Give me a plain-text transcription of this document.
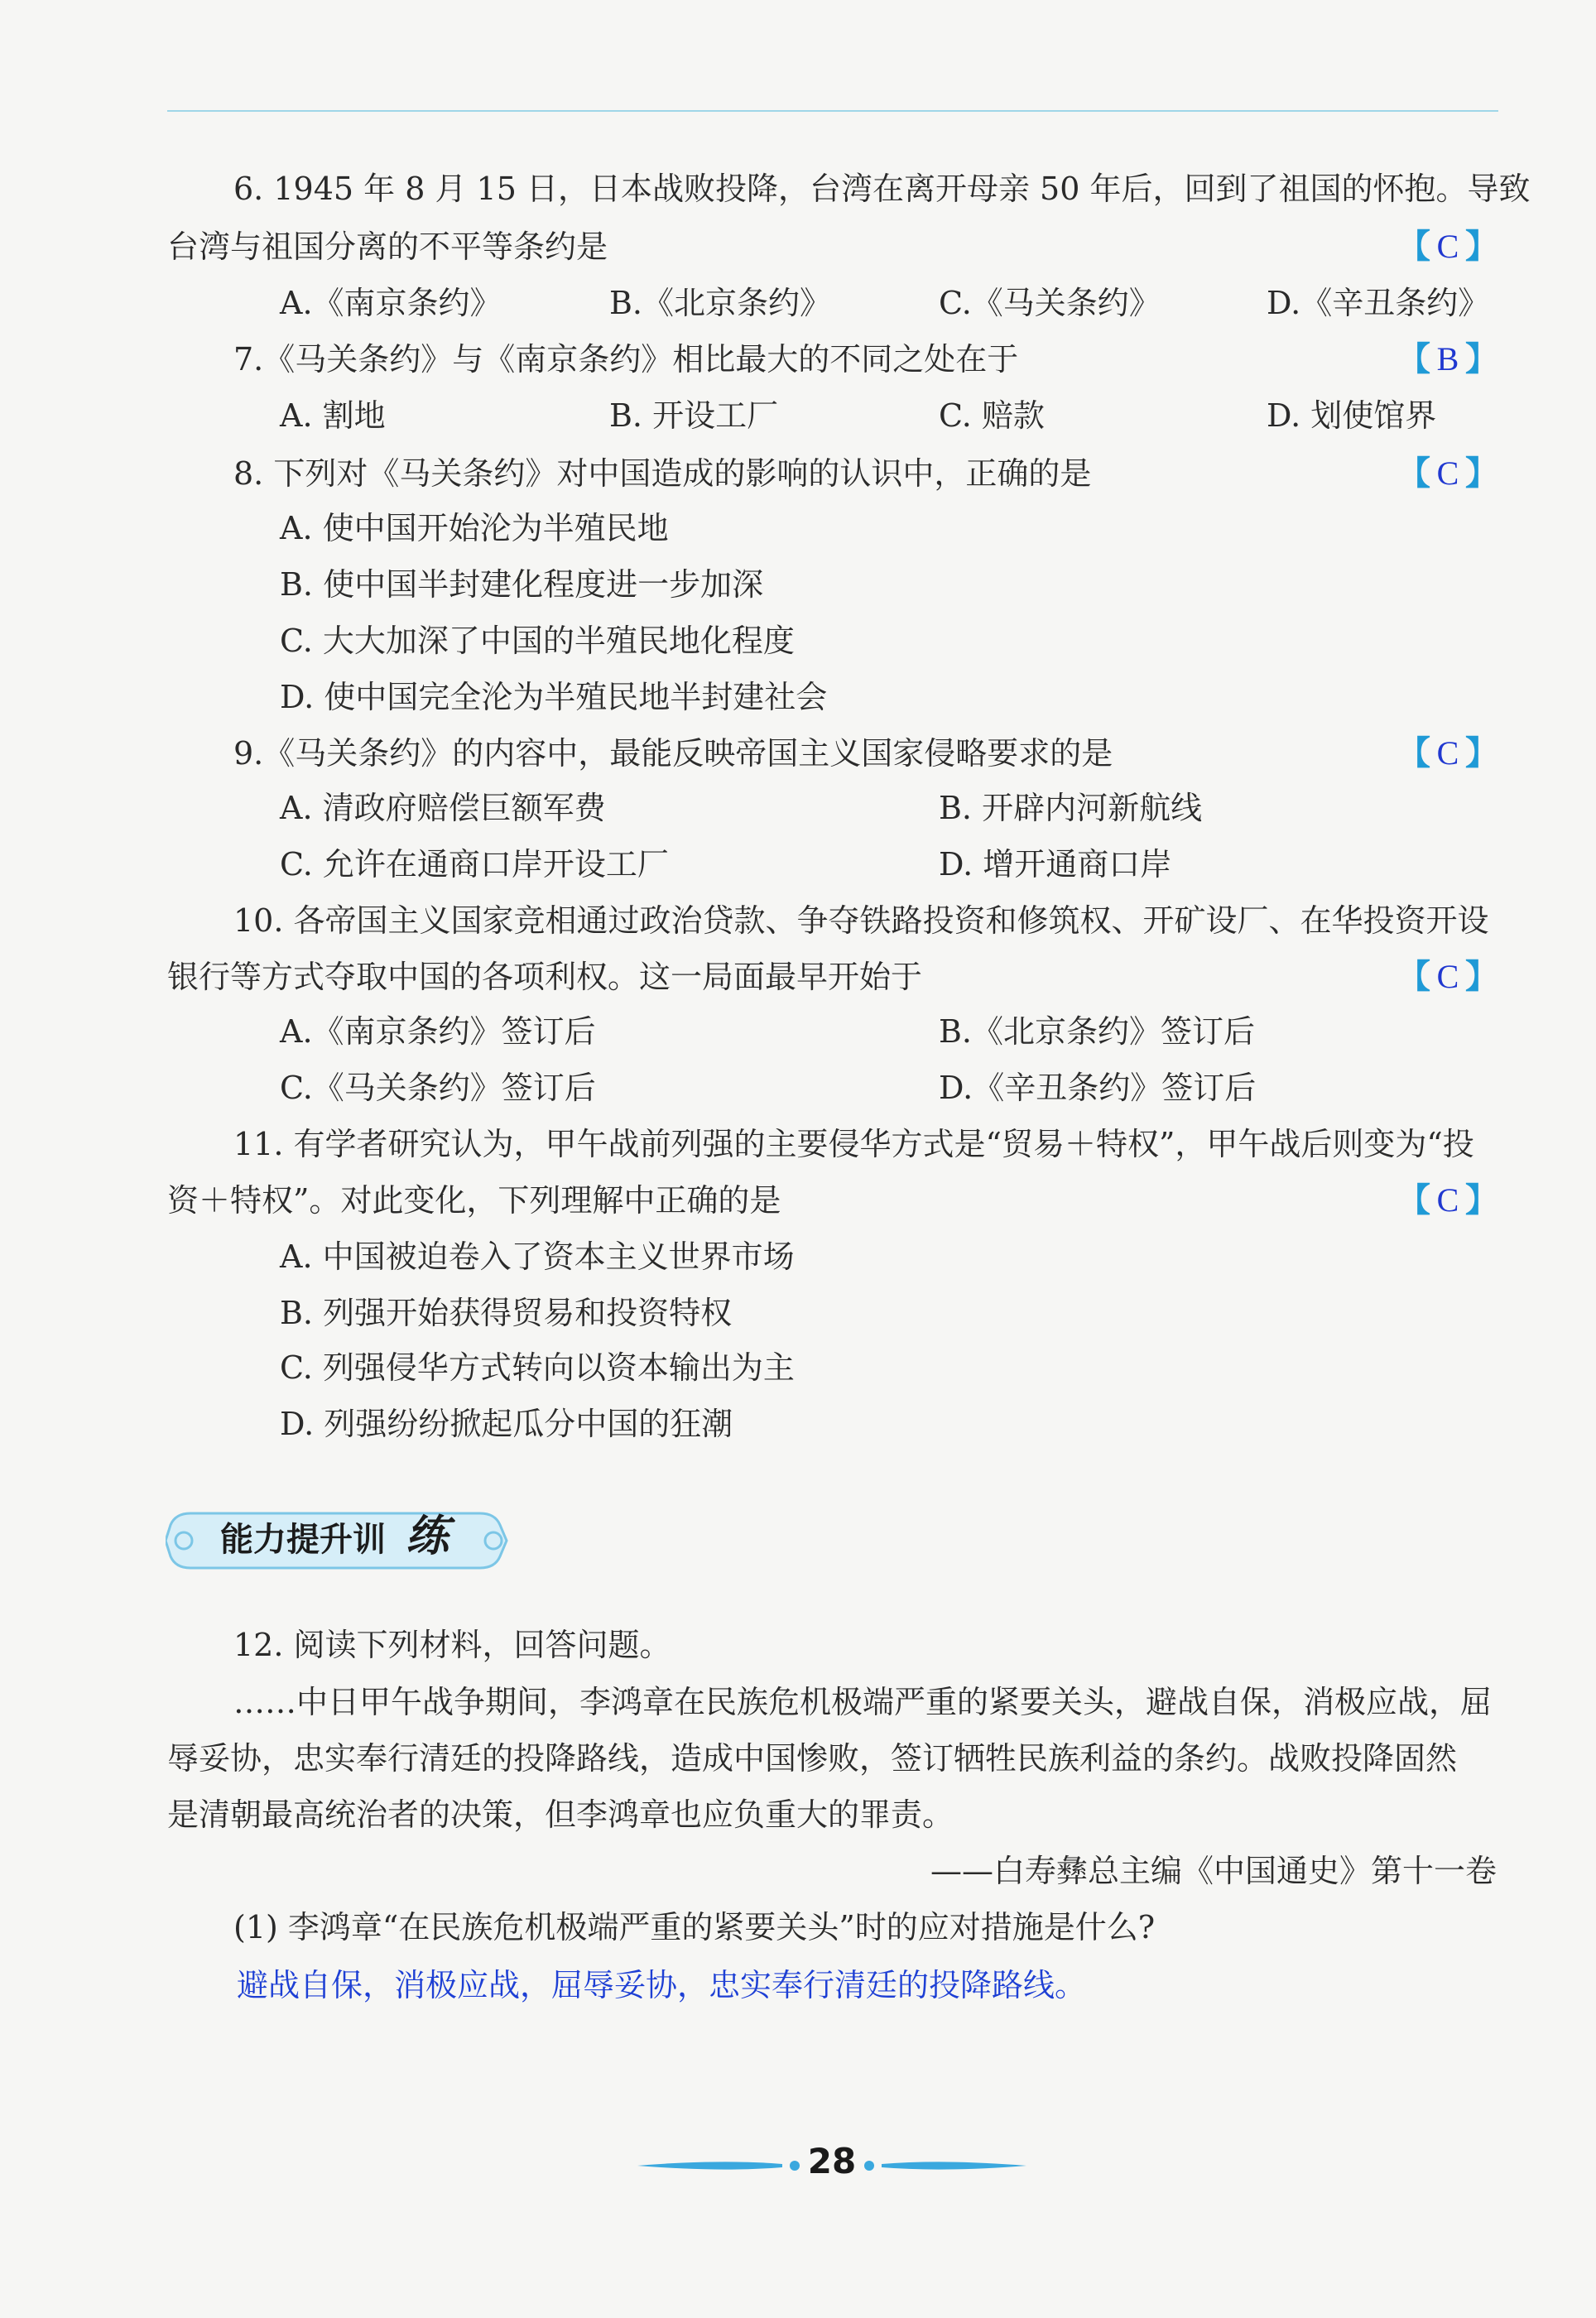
6. 1945 年 8 月 15 日，日本战败投降，台湾在离开母亲 50 年后，回到了祖国的怀抱。导致
台湾与祖国分离的不平等条约是	【 C 】
A.《南京条约》	B.《北京条约》	C.《马关条约》	D.《辛丑条约》
7.《马关条约》与《南京条约》相比最大的不同之处在于	【 B 】
A. 割地	B. 开设工厂	C. 赔款	D. 划使馆界
8. 下列对《马关条约》对中国造成的影响的认识中，正确的是	【 C 】
A. 使中国开始沦为半殖民地
B. 使中国半封建化程度进一步加深
C. 大大加深了中国的半殖民地化程度
D. 使中国完全沦为半殖民地半封建社会
9.《马关条约》的内容中，最能反映帝国主义国家侵略要求的是	【 C 】
A. 清政府赔偿巨额军费	B. 开辟内河新航线
C. 允许在通商口岸开设工厂	D. 增开通商口岸
10. 各帝国主义国家竞相通过政治贷款、争夺铁路投资和修筑权、开矿设厂、在华投资开设
银行等方式夺取中国的各项利权。这一局面最早开始于	【 C 】
A.《南京条约》签订后	B.《北京条约》签订后
C.《马关条约》签订后	D.《辛丑条约》签订后
11. 有学者研究认为，甲午战前列强的主要侵华方式是“贸易＋特权”，甲午战后则变为“投
资＋特权”。对此变化，下列理解中正确的是	【 C 】
A. 中国被迫卷入了资本主义世界市场
B. 列强开始获得贸易和投资特权
C. 列强侵华方式转向以资本输出为主
D. 列强纷纷掀起瓜分中国的狂潮
能力提升训 练
12. 阅读下列材料，回答问题。
……中日甲午战争期间，李鸿章在民族危机极端严重的紧要关头，避战自保，消极应战，屈
辱妥协，忠实奉行清廷的投降路线，造成中国惨败，签订牺牲民族利益的条约。战败投降固然
是清朝最高统治者的决策，但李鸿章也应负重大的罪责。
——白寿彝总主编《中国通史》第十一卷
(1) 李鸿章“在民族危机极端严重的紧要关头”时的应对措施是什么?
避战自保，消极应战，屈辱妥协，忠实奉行清廷的投降路线。
28
